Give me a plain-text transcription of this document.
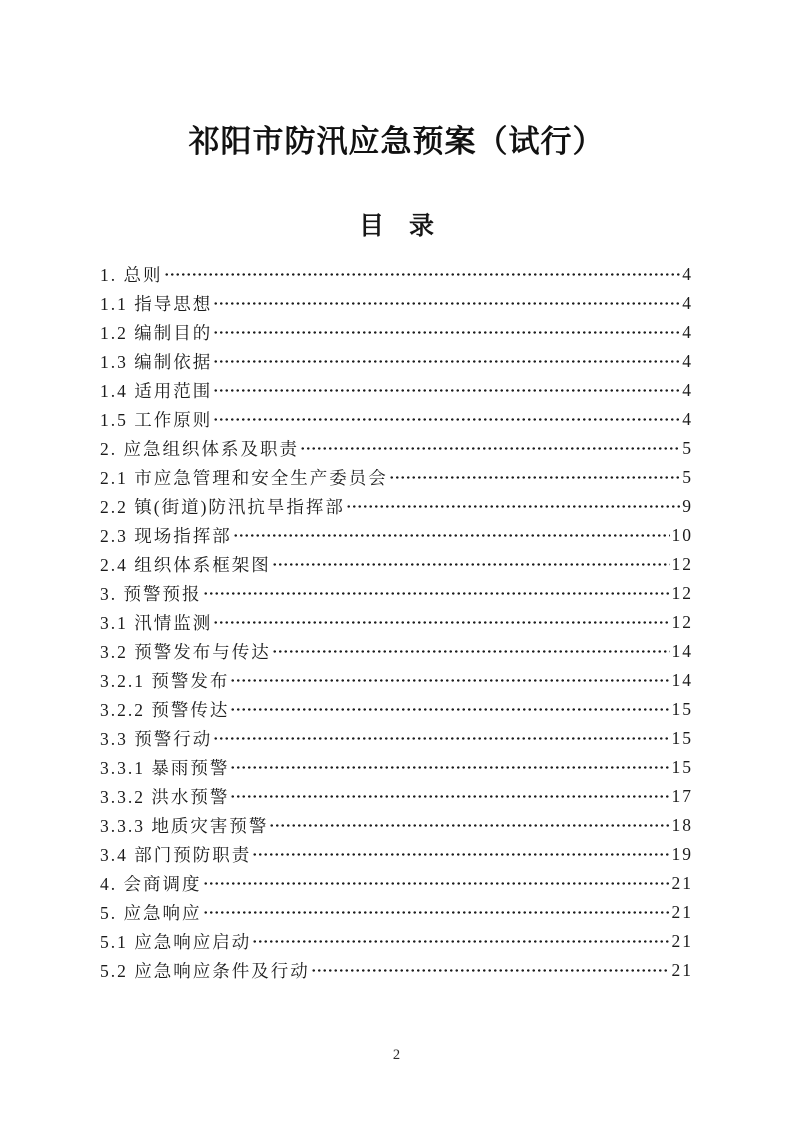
祁阳市防汛应急预案（试行）
目　录
1. 总则	4
1.1 指导思想	4
1.2 编制目的	4
1.3 编制依据	4
1.4 适用范围	4
1.5 工作原则	4
2. 应急组织体系及职责	5
2.1 市应急管理和安全生产委员会	5
2.2 镇(街道)防汛抗旱指挥部	9
2.3 现场指挥部	10
2.4 组织体系框架图	12
3. 预警预报	12
3.1 汛情监测	12
3.2 预警发布与传达	14
3.2.1 预警发布	14
3.2.2 预警传达	15
3.3 预警行动	15
3.3.1 暴雨预警	15
3.3.2 洪水预警	17
3.3.3 地质灾害预警	18
3.4 部门预防职责	19
4. 会商调度	21
5. 应急响应	21
5.1 应急响应启动	21
5.2 应急响应条件及行动	21
2
